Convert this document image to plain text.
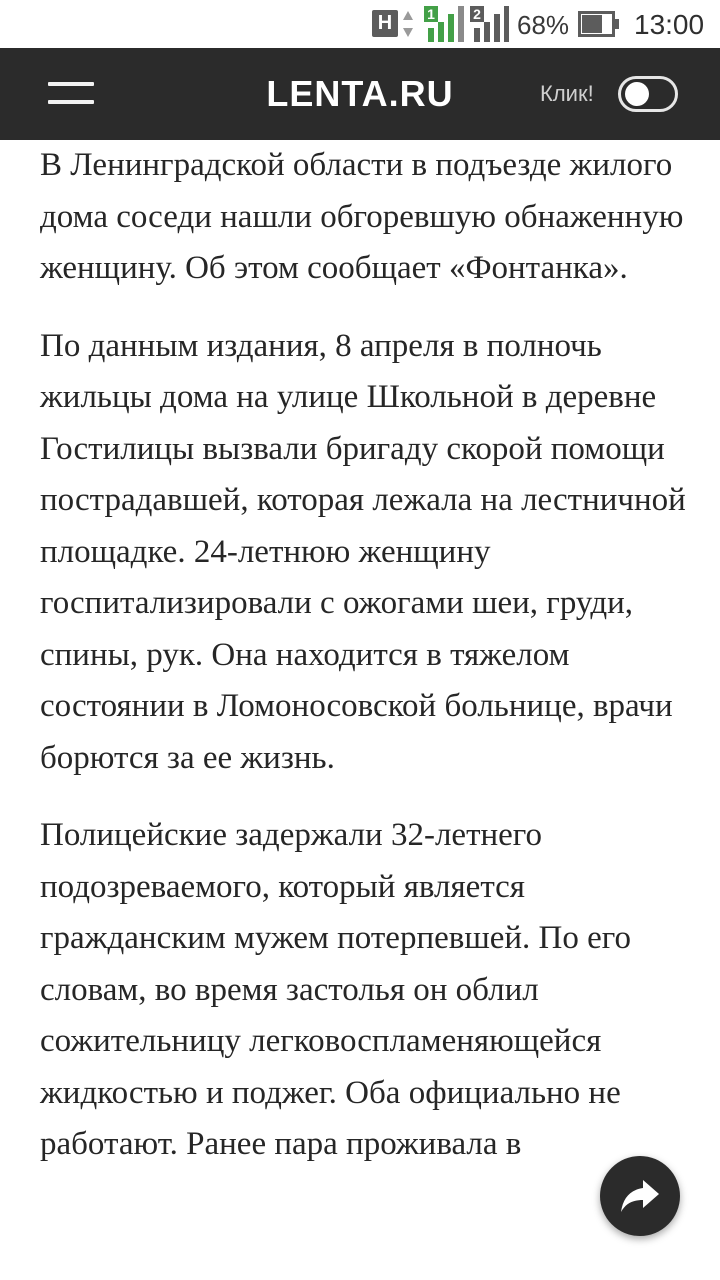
H	1	2 68% 13:00
LENTA.RU	Клик!

В Ленинградской области в подъезде жилого дома соседи нашли обгоревшую обнаженную женщину. Об этом сообщает «Фонтанка».

По данным издания, 8 апреля в полночь жильцы дома на улице Школьной в деревне Гостилицы вызвали бригаду скорой помощи пострадавшей, которая лежала на лестничной площадке. 24-летнюю женщину госпитализировали с ожогами шеи, груди, спины, рук. Она находится в тяжелом состоянии в Ломоносовской больнице, врачи борются за ее жизнь.

Полицейские задержали 32-летнего подозреваемого, который является гражданским мужем потерпевшей. По его словам, во время застолья он облил сожительницу легковоспламеняющейся жидкостью и поджег. Оба официально не работают. Ранее пара проживала в
